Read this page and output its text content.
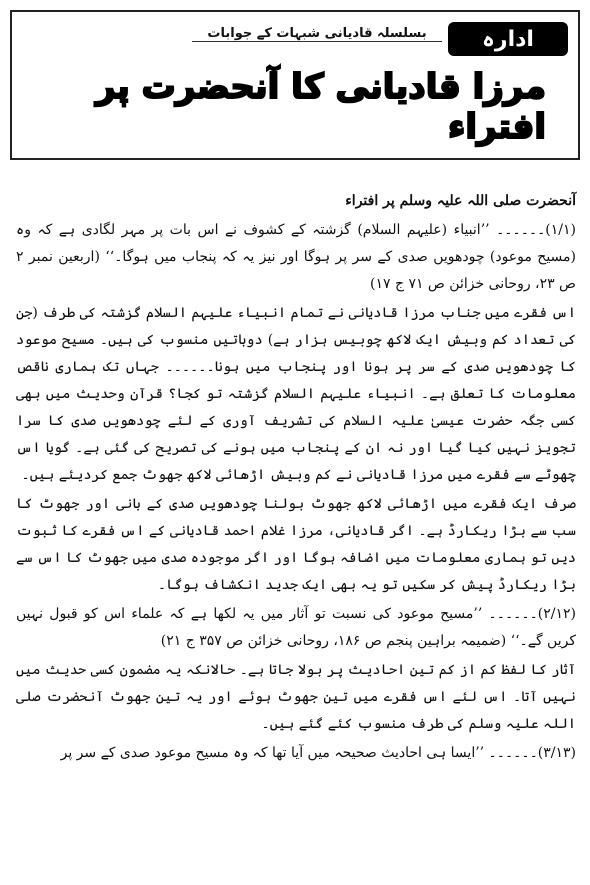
بسلسلہ قادیانی شبہات کے جوابات	ادارہ
مرزا قادیانی کا آنحضرت پر افتراء

آنحضرت صلی اللہ علیہ وسلم پر افتراء

(۱/۱)۔۔۔۔۔۔ ’’انبیاء (علیہم السلام) گزشتہ کے کشوف نے اس بات پر مہر لگادی ہے کہ وہ (مسیح موعود) چودھویں صدی کے سر پر ہوگا اور نیز یہ کہ پنجاب میں ہوگا۔‘‘ (اربعین نمبر ۲ ص ۲۳، روحانی خزائن ص ۷۱ ج ۱۷)

اس فقرے میں جناب مرزا قادیانی نے تمام انبیاء علیہم السلام گزشتہ کی طرف (جن کی تعداد کم وبیش ایک لاکھ چوبیس ہزار ہے) دوباتیں منسوب کی ہیں۔ مسیح موعود کا چودھویں صدی کے سر پر ہونا اور پنجاب میں ہونا۔۔۔۔۔۔ جہاں تک ہماری ناقص معلومات کا تعلق ہے۔ انبیاء علیہم السلام گزشتہ تو کجا؟ قرآن وحدیث میں بھی کسی جگہ حضرت عیسیٰ علیہ السلام کی تشریف آوری کے لئے چودھویں صدی کا سرا تجویز نہیں کیا گیا اور نہ ان کے پنجاب میں ہونے کی تصریح کی گئی ہے۔ گویا اس چھوٹے سے فقرے میں مرزا قادیانی نے کم وبیش اڑھائی لاکھ جھوٹ جمع کردیئے ہیں۔

صرف ایک فقرے میں اڑھائی لاکھ جھوٹ بولنا چودھویں صدی کے بانی اور جھوٹ کا سب سے بڑا ریکارڈ ہے۔ اگر قادیانی، مرزا غلام احمد قادیانی کے اس فقرے کا ثبوت دیں تو ہماری معلومات میں اضافہ ہوگا اور اگر موجودہ صدی میں جھوٹ کا اس سے بڑا ریکارڈ پیش کر سکیں تو یہ بھی ایک جدید انکشاف ہوگا۔

(۲/۱۲)۔۔۔۔۔۔ ’’مسیح موعود کی نسبت تو آثار میں یہ لکھا ہے کہ علماء اس کو قبول نہیں کریں گے۔‘‘ (ضمیمہ براہین پنجم ص ۱۸۶، روحانی خزائن ص ۳۵۷ ج ۲۱)

آثار کا لفظ کم از کم تین احادیث پر بولا جاتا ہے۔ حالانکہ یہ مضمون کسی حدیث میں نہیں آتا۔ اس لئے اس فقرے میں تین جھوٹ ہوئے اور یہ تین جھوٹ آنحضرت صلی اللہ علیہ وسلم کی طرف منسوب کئے گئے ہیں۔

(۳/۱۳)۔۔۔۔۔۔ ’’ایسا ہی احادیث صحیحہ میں آیا تھا کہ وہ مسیح موعود صدی کے سر پر
